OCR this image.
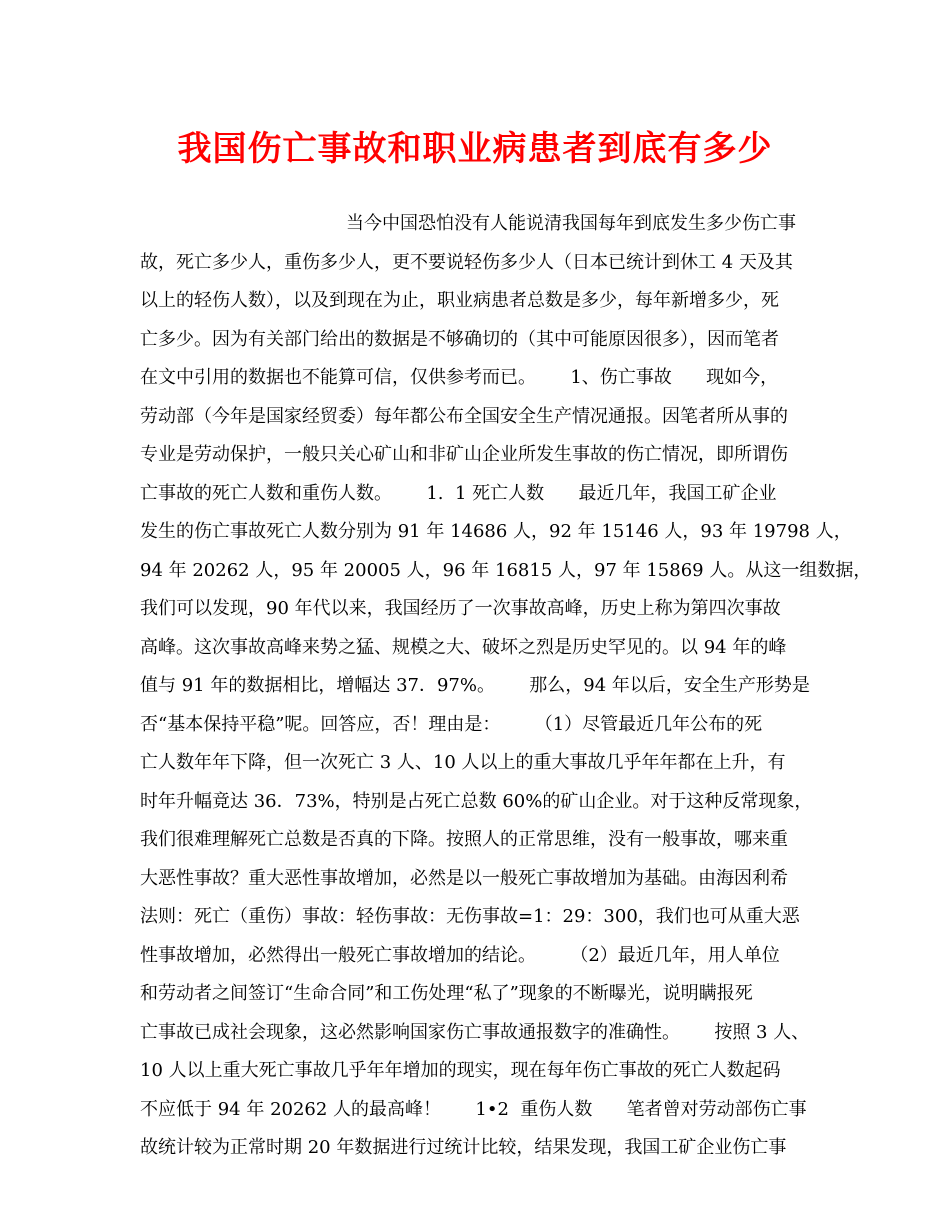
我国伤亡事故和职业病患者到底有多少
当今中国恐怕没有人能说清我国每年到底发生多少伤亡事
故，死亡多少人，重伤多少人，更不要说轻伤多少人（日本已统计到休工 4 天及其
以上的轻伤人数），以及到现在为止，职业病患者总数是多少，每年新增多少，死
亡多少。因为有关部门给出的数据是不够确切的（其中可能原因很多），因而笔者
在文中引用的数据也不能算可信，仅供参考而已。      1、伤亡事故      现如今，
劳动部（今年是国家经贸委）每年都公布全国安全生产情况通报。因笔者所从事的
专业是劳动保护，一般只关心矿山和非矿山企业所发生事故的伤亡情况，即所谓伤
亡事故的死亡人数和重伤人数。      1.  1 死亡人数      最近几年，我国工矿企业
发生的伤亡事故死亡人数分别为 91 年 14686 人，92 年 15146 人，93 年 19798 人，
94 年 20262 人，95 年 20005 人，96 年 16815 人，97 年 15869 人。从这一组数据，
我们可以发现，90 年代以来，我国经历了一次事故高峰，历史上称为第四次事故
高峰。这次事故高峰来势之猛、规模之大、破坏之烈是历史罕见的。以 94 年的峰
值与 91 年的数据相比，增幅达 37．97%。      那么，94 年以后，安全生产形势是
否“基本保持平稳”呢。回答应，否！理由是：      （1）尽管最近几年公布的死
亡人数年年下降，但一次死亡 3 人、10 人以上的重大事故几乎年年都在上升，有
时年升幅竟达 36．73%，特别是占死亡总数 60%的矿山企业。对于这种反常现象，
我们很难理解死亡总数是否真的下降。按照人的正常思维，没有一般事故，哪来重
大恶性事故？重大恶性事故增加，必然是以一般死亡事故增加为基础。由海因利希
法则：死亡（重伤）事故：轻伤事故：无伤事故=1：29：300，我们也可从重大恶
性事故增加，必然得出一般死亡事故增加的结论。      （2）最近几年，用人单位
和劳动者之间签订“生命合同”和工伤处理“私了”现象的不断曝光，说明瞒报死
亡事故已成社会现象，这必然影响国家伤亡事故通报数字的准确性。      按照 3 人、
10 人以上重大死亡事故几乎年年增加的现实，现在每年伤亡事故的死亡人数起码
不应低于 94 年 20262 人的最高峰！      1•2  重伤人数      笔者曾对劳动部伤亡事
故统计较为正常时期 20 年数据进行过统计比较，结果发现，我国工矿企业伤亡事
